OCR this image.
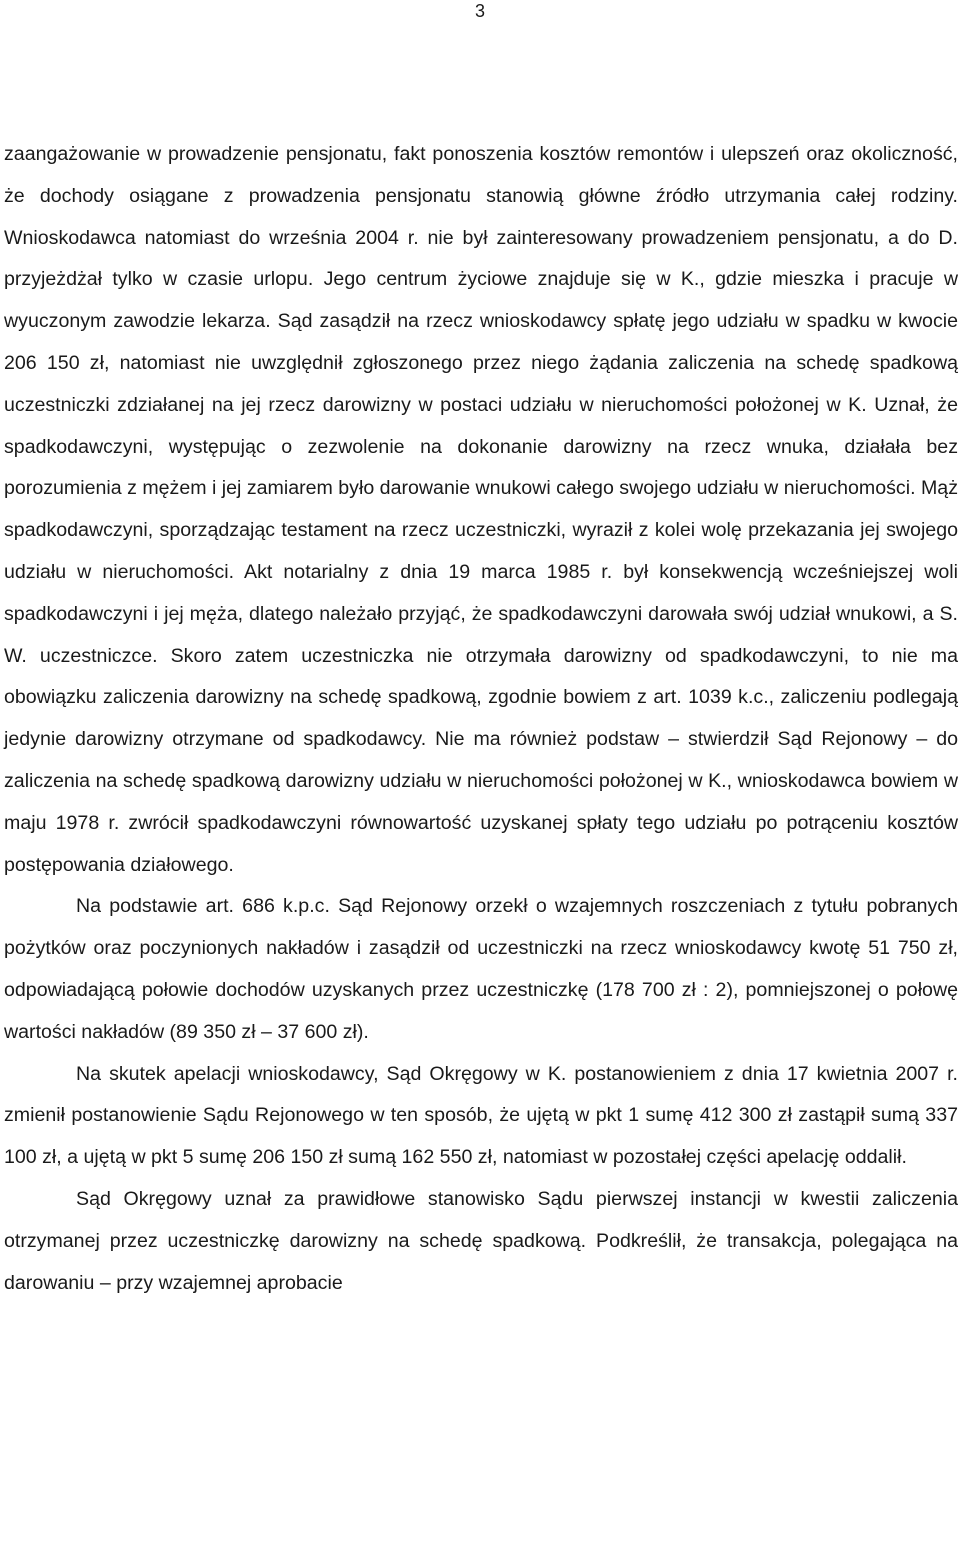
3

zaangażowanie w prowadzenie pensjonatu, fakt ponoszenia kosztów remontów i ulepszeń oraz okoliczność, że dochody osiągane z prowadzenia pensjonatu stanowią główne źródło utrzymania całej rodziny. Wnioskodawca natomiast do września 2004 r. nie był zainteresowany prowadzeniem pensjonatu, a do D. przyjeżdżał tylko w czasie urlopu. Jego centrum życiowe znajduje się w K., gdzie mieszka i pracuje w wyuczonym zawodzie lekarza. Sąd zasądził na rzecz wnioskodawcy spłatę jego udziału w spadku w kwocie 206 150 zł, natomiast nie uwzględnił zgłoszonego przez niego żądania zaliczenia na schedę spadkową uczestniczki zdziałanej na jej rzecz darowizny w postaci udziału w nieruchomości położonej w K. Uznał, że spadkodawczyni, występując o zezwolenie na dokonanie darowizny na rzecz wnuka, działała bez porozumienia z mężem i jej zamiarem było darowanie wnukowi całego swojego udziału w nieruchomości. Mąż spadkodawczyni, sporządzając testament na rzecz uczestniczki, wyraził z kolei wolę przekazania jej swojego udziału w nieruchomości. Akt notarialny z dnia 19 marca 1985 r. był konsekwencją wcześniejszej woli spadkodawczyni i jej męża, dlatego należało przyjąć, że spadkodawczyni darowała swój udział wnukowi, a S. W. uczestniczce. Skoro zatem uczestniczka nie otrzymała darowizny od spadkodawczyni, to nie ma obowiązku zaliczenia darowizny na schedę spadkową, zgodnie bowiem z art. 1039 k.c., zaliczeniu podlegają jedynie darowizny otrzymane od spadkodawcy. Nie ma również podstaw – stwierdził Sąd Rejonowy – do zaliczenia na schedę spadkową darowizny udziału w nieruchomości położonej w K., wnioskodawca bowiem w maju 1978 r. zwrócił spadkodawczyni równowartość uzyskanej spłaty tego udziału po potrąceniu kosztów postępowania działowego.

Na podstawie art. 686 k.p.c. Sąd Rejonowy orzekł o wzajemnych roszczeniach z tytułu pobranych pożytków oraz poczynionych nakładów i zasądził od uczestniczki na rzecz wnioskodawcy kwotę 51 750 zł, odpowiadającą połowie dochodów uzyskanych przez uczestniczkę (178 700 zł : 2), pomniejszonej o połowę wartości nakładów (89 350 zł – 37 600 zł).

Na skutek apelacji wnioskodawcy, Sąd Okręgowy w K. postanowieniem z dnia 17 kwietnia 2007 r. zmienił postanowienie Sądu Rejonowego w ten sposób, że ujętą w pkt 1 sumę 412 300 zł zastąpił sumą 337 100 zł, a ujętą w pkt 5 sumę 206 150 zł sumą 162 550 zł, natomiast w pozostałej części apelację oddalił.

Sąd Okręgowy uznał za prawidłowe stanowisko Sądu pierwszej instancji w kwestii zaliczenia otrzymanej przez uczestniczkę darowizny na schedę spadkową. Podkreślił, że transakcja, polegająca na darowaniu – przy wzajemnej aprobacie
